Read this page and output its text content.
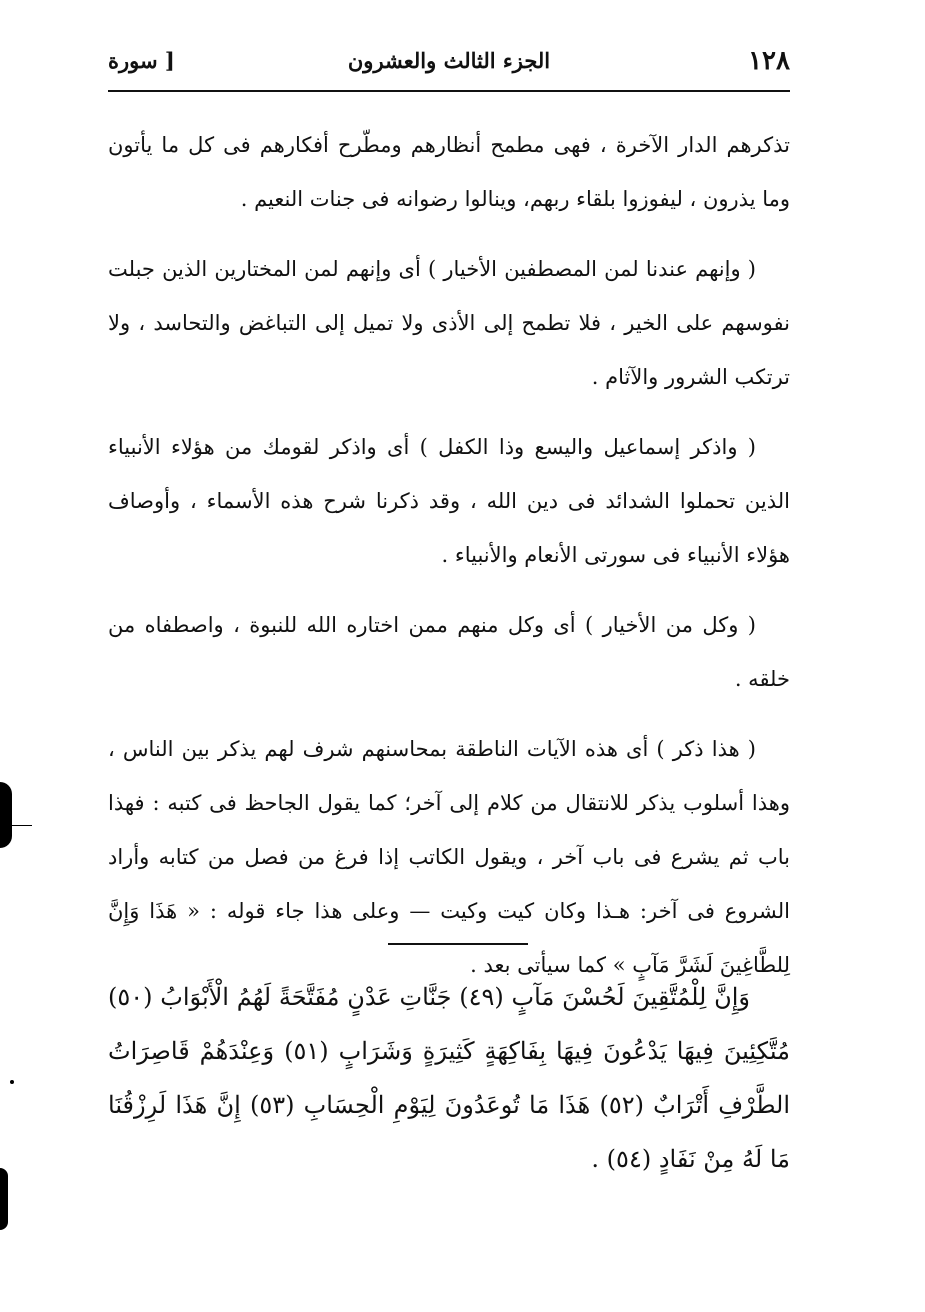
١٢٨
الجزء الثالث والعشرون
[ سورة

تذكرهم الدار الآخرة ، فهى مطمح أنظارهم ومطّرح أفكارهم فى كل ما يأتون وما يذرون ، ليفوزوا بلقاء ربهم، وينالوا رضوانه فى جنات النعيم .

( وإنهم عندنا لمن المصطفين الأخيار ) أى وإنهم لمن المختارين الذين جبلت نفوسهم على الخير ، فلا تطمح إلى الأذى ولا تميل إلى التباغض والتحاسد ، ولا ترتكب الشرور والآثام .

( واذكر إسماعيل واليسع وذا الكفل ) أى واذكر لقومك من هؤلاء الأنبياء الذين تحملوا الشدائد فى دين الله ، وقد ذكرنا شرح هذه الأسماء ، وأوصاف هؤلاء الأنبياء فى سورتى الأنعام والأنبياء .

( وكل من الأخيار ) أى وكل منهم ممن اختاره الله للنبوة ، واصطفاه من خلقه .

( هذا ذكر ) أى هذه الآيات الناطقة بمحاسنهم شرف لهم يذكر بين الناس ، وهذا أسلوب يذكر للانتقال من كلام إلى آخر؛ كما يقول الجاحظ فى كتبه : فهذا باب ثم يشرع فى باب آخر ، ويقول الكاتب إذا فرغ من فصل من كتابه وأراد الشروع فى آخر: هـذا وكان كيت وكيت — وعلى هذا جاء قوله : « هَذَا وَإِنَّ لِلطَّاغِينَ لَشَرَّ مَآبٍ » كما سيأتى بعد .

وَإِنَّ لِلْمُتَّقِينَ لَحُسْنَ مَآبٍ (٤٩) جَنَّاتِ عَدْنٍ مُفَتَّحَةً لَهُمُ الْأَبْوَابُ (٥٠) مُتَّكِئِينَ فِيهَا يَدْعُونَ فِيهَا بِفَاكِهَةٍ كَثِيرَةٍ وَشَرَابٍ (٥١) وَعِنْدَهُمْ قَاصِرَاتُ الطَّرْفِ أَتْرَابٌ (٥٢) هَذَا مَا تُوعَدُونَ لِيَوْمِ الْحِسَابِ (٥٣) إِنَّ هَذَا لَرِزْقُنَا مَا لَهُ مِنْ نَفَادٍ (٥٤) .
